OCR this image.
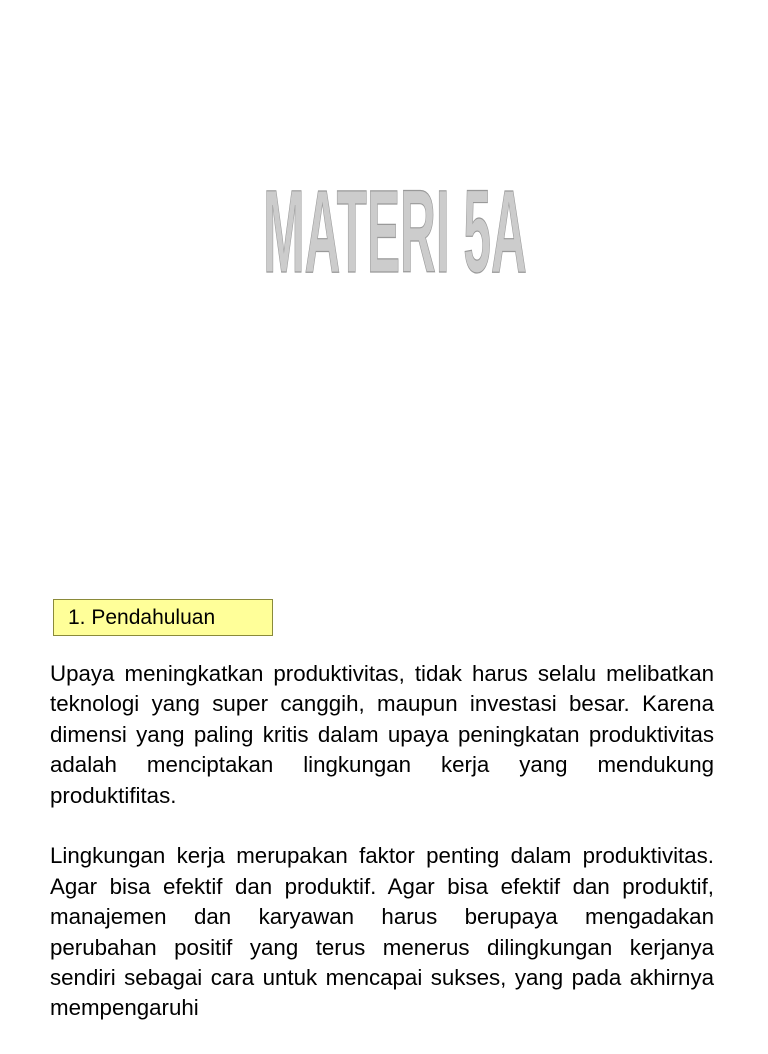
MATERI 5A
1. Pendahuluan

Upaya meningkatkan produktivitas, tidak harus selalu melibatkan teknologi yang super canggih, maupun investasi besar. Karena dimensi yang paling kritis dalam upaya peningkatan produktivitas adalah menciptakan lingkungan kerja yang mendukung produktifitas.

Lingkungan kerja merupakan faktor penting dalam produktivitas. Agar bisa efektif dan produktif. Agar bisa efektif dan produktif, manajemen dan karyawan harus berupaya mengadakan perubahan positif yang terus menerus dilingkungan kerjanya sendiri sebagai cara untuk mencapai sukses, yang pada akhirnya mempengaruhi
